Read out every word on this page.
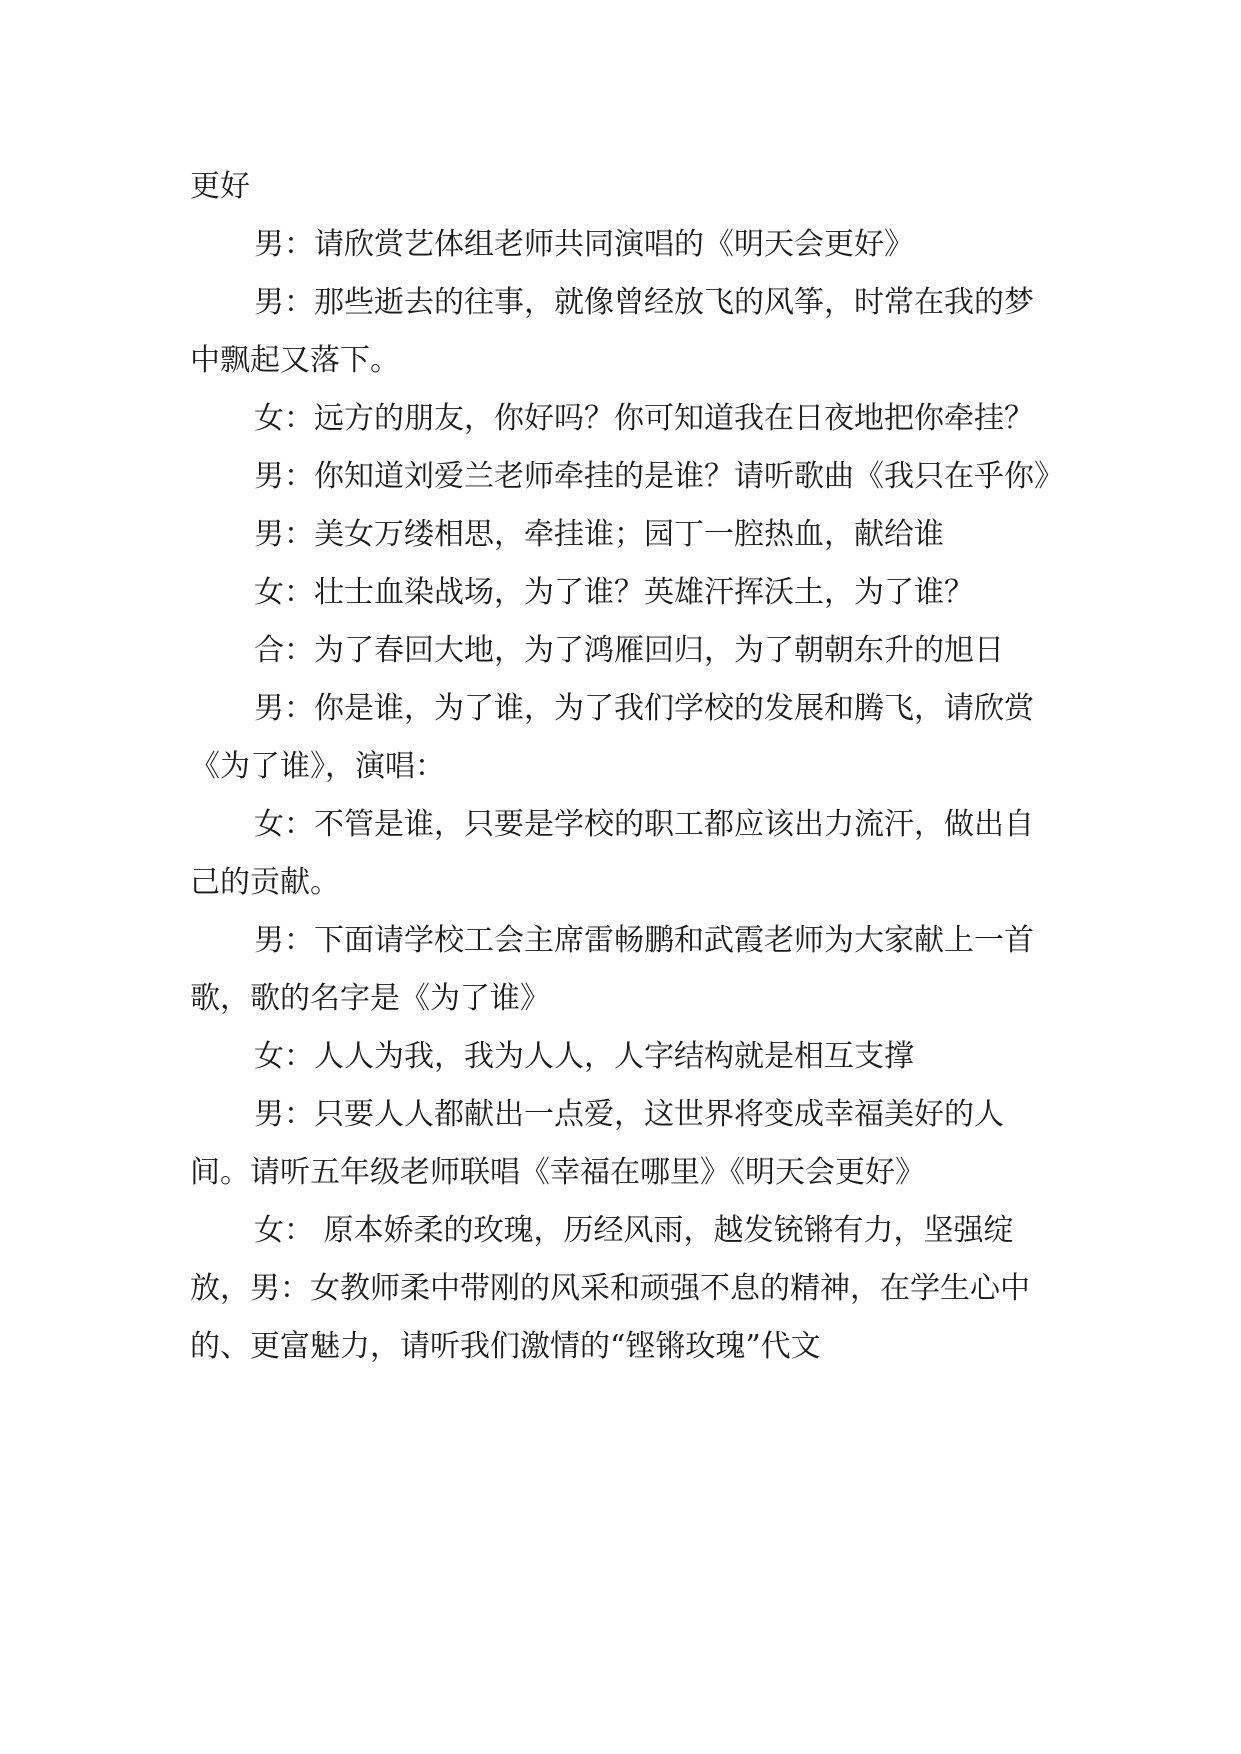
更好

男：请欣赏艺体组老师共同演唱的《明天会更好》

男：那些逝去的往事，就像曾经放飞的风筝，时常在我的梦中飘起又落下。

女：远方的朋友，你好吗？你可知道我在日夜地把你牵挂？

男：你知道刘爱兰老师牵挂的是谁？请听歌曲《我只在乎你》

男：美女万缕相思，牵挂谁；园丁一腔热血，献给谁

女：壮士血染战场，为了谁？英雄汗挥沃土，为了谁？

合：为了春回大地，为了鸿雁回归，为了朝朝东升的旭日

男：你是谁，为了谁，为了我们学校的发展和腾飞，请欣赏《为了谁》，演唱：

女：不管是谁，只要是学校的职工都应该出力流汗，做出自己的贡献。

男：下面请学校工会主席雷畅鹏和武霞老师为大家献上一首歌，歌的名字是《为了谁》

女：人人为我，我为人人，人字结构就是相互支撑

男：只要人人都献出一点爱，这世界将变成幸福美好的人间。请听五年级老师联唱《幸福在哪里》《明天会更好》

女： 原本娇柔的玫瑰，历经风雨，越发铳锵有力，坚强绽放，男：女教师柔中带刚的风采和顽强不息的精神，在学生心中的、更富魅力，请听我们激情的“铿锵玫瑰”代文
